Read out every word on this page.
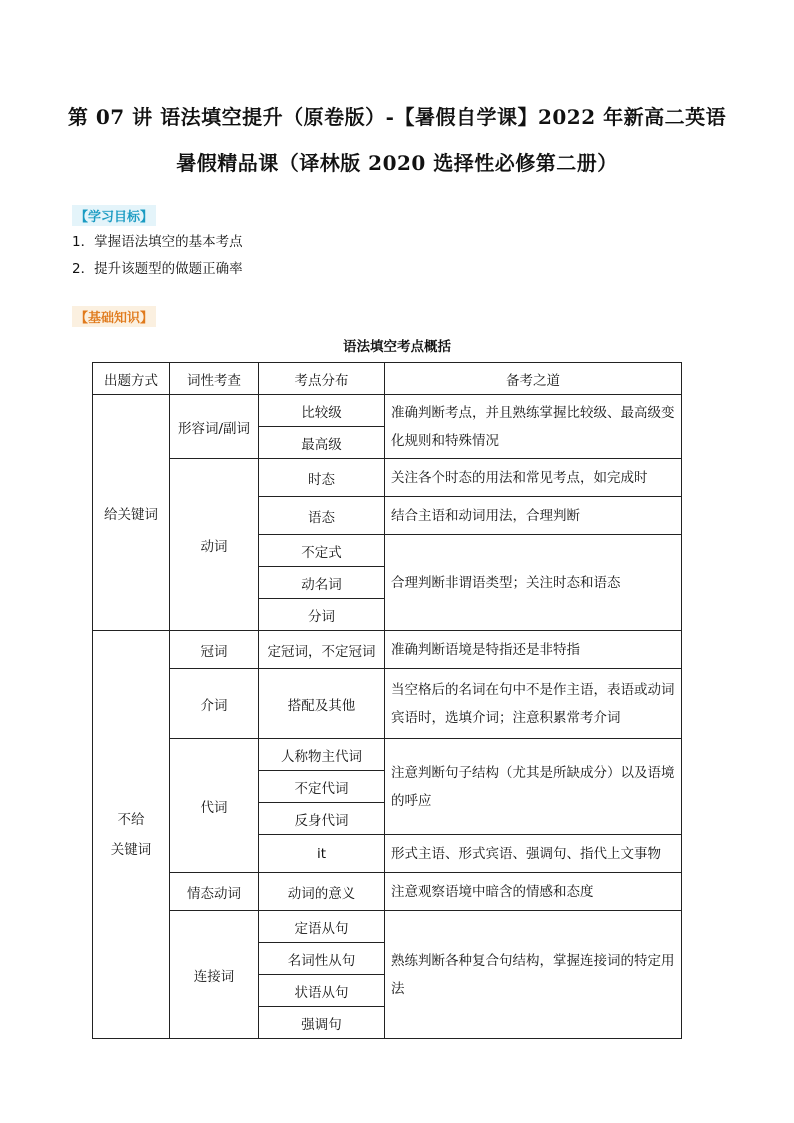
第 07 讲 语法填空提升（原卷版）-【暑假自学课】2022 年新高二英语
暑假精品课（译林版 2020 选择性必修第二册）
【学习目标】
1．掌握语法填空的基本考点
2．提升该题型的做题正确率
【基础知识】
语法填空考点概括
出题方式	词性考查	考点分布	备考之道
给关键词	形容词/副词	比较级	准确判断考点，并且熟练掌握比较级、最高级变化规则和特殊情况
		最高级	
	动词	时态	关注各个时态的用法和常见考点，如完成时
		语态	结合主语和动词用法，合理判断
		不定式	合理判断非谓语类型；关注时态和语态
		动名词	
		分词	

不给
关键词	冠词	定冠词，不定冠词	准确判断语境是特指还是非特指
	介词	搭配及其他	当空格后的名词在句中不是作主语，表语或动词宾语时，选填介词；注意积累常考介词
	代词	人称物主代词	注意判断句子结构（尤其是所缺成分）以及语境的呼应
		不定代词	
		反身代词	
		it	形式主语、形式宾语、强调句、指代上文事物
	情态动词	动词的意义	注意观察语境中暗含的情感和态度
	连接词	定语从句	熟练判断各种复合句结构，掌握连接词的特定用法
		名词性从句	
		状语从句	
		强调句	
